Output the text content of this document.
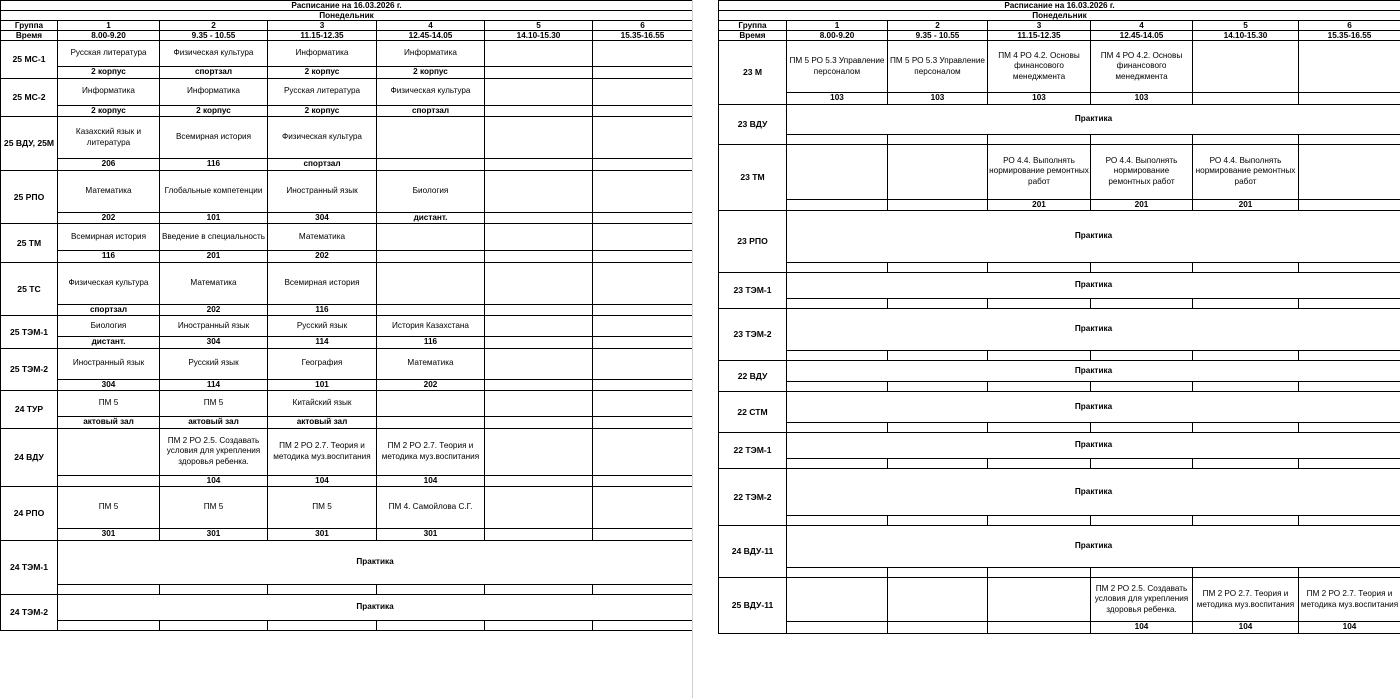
Расписание на 16.03.2026 г.						
Понедельник						
Группа	1	2	3	4	5	6
Время	8.00-9.20	9.35 - 10.55	11.15-12.35	12.45-14.05	14.10-15.30	15.35-16.55
25 МС-1	Русская литература	Физическая культура	Информатика	Информатика		
	2 корпус	спортзал	2 корпус	2 корпус		
25 МС-2	Информатика	Информатика	Русская литература	Физическая культура		
	2 корпус	2 корпус	2 корпус	спортзал		
25 ВДУ, 25М	Казахский язык и литература	Всемирная история	Физическая культура			
	206	116	спортзал			
25 РПО	Математика	Глобальные компетенции	Иностранный язык	Биология		
	202	101	304	дистант.		
25 ТМ	Всемирная история	Введение в специальность	Математика			
	116	201	202			
25 ТС	Физическая культура	Математика	Всемирная история			
	спортзал	202	116			
25 ТЭМ-1	Биология	Иностранный язык	Русский язык	История Казахстана		
	дистант.	304	114	116		
25 ТЭМ-2	Иностранный язык	Русский язык	География	Математика		
	304	114	101	202		
24 ТУР	ПМ 5	ПМ 5	Китайский язык			
	актовый зал	актовый зал	актовый зал			
24 ВДУ		ПМ 2 РО 2.5. Создавать условия для укрепления здоровья ребенка.	ПМ 2 РО 2.7. Теория и методика муз.воспитания	ПМ 2 РО 2.7. Теория и методика муз.воспитания		
		104	104	104		
24 РПО	ПМ 5	ПМ 5	ПМ 5	ПМ 4. Самойлова С.Г.		
	301	301	301	301		
24 ТЭМ-1	Практика					

24 ТЭМ-2	Практика					

Расписание на 16.03.2026 г.						
Понедельник						
Группа	1	2	3	4	5	6
Время	8.00-9.20	9.35 - 10.55	11.15-12.35	12.45-14.05	14.10-15.30	15.35-16.55
23 М	ПМ 5 РО 5.3 Управление персоналом	ПМ 5 РО 5.3 Управление персоналом	ПМ 4 РО 4.2. Основы финансового менеджмента	ПМ 4 РО 4.2. Основы финансового менеджмента		
	103	103	103	103		
23 ВДУ	Практика					

23 ТМ			РО 4.4. Выполнять нормирование ремонтных работ	РО 4.4. Выполнять нормирование ремонтных работ	РО 4.4. Выполнять нормирование ремонтных работ	
			201	201	201	
23 РПО	Практика					

23 ТЭМ-1	Практика					

23 ТЭМ-2	Практика					

22 ВДУ	Практика					

22 СТМ	Практика					

22 ТЭМ-1	Практика					

22 ТЭМ-2	Практика					

24 ВДУ-11	Практика					

25 ВДУ-11				ПМ 2 РО 2.5. Создавать условия для укрепления здоровья ребенка.	ПМ 2 РО 2.7. Теория и методика муз.воспитания	ПМ 2 РО 2.7. Теория и методика муз.воспитания
				104	104	104
